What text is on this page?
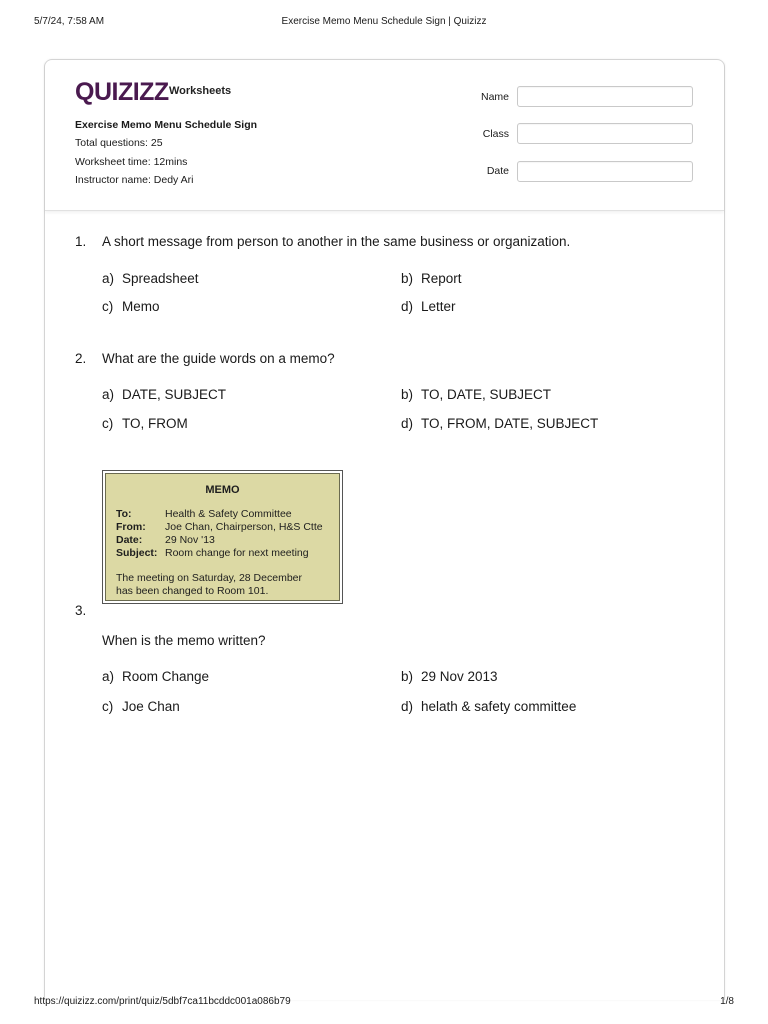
5/7/24, 7:58 AM	Exercise Memo Menu Schedule Sign | Quizizz
QUIZIZZ Worksheets
Exercise Memo Menu Schedule Sign
Total questions: 25
Worksheet time: 12mins
Instructor name: Dedy Ari
Name
Class
Date
1. A short message from person to another in the same business or organization.
a) Spreadsheet	b) Report
c) Memo	d) Letter
2. What are the guide words on a memo?
a) DATE, SUBJECT	b) TO, DATE, SUBJECT
c) TO, FROM	d) TO, FROM, DATE, SUBJECT
MEMO
To:	Health & Safety Committee
From: Joe Chan, Chairperson, H&S Ctte
Date: 29 Nov '13
Subject: Room change for next meeting
The meeting on Saturday, 28 December
has been changed to Room 101.
3.
When is the memo written?
a) Room Change	b) 29 Nov 2013
c) Joe Chan	d) helath & safety committee
https://quizizz.com/print/quiz/5dbf7ca11bcddc001a086b79	1/8
